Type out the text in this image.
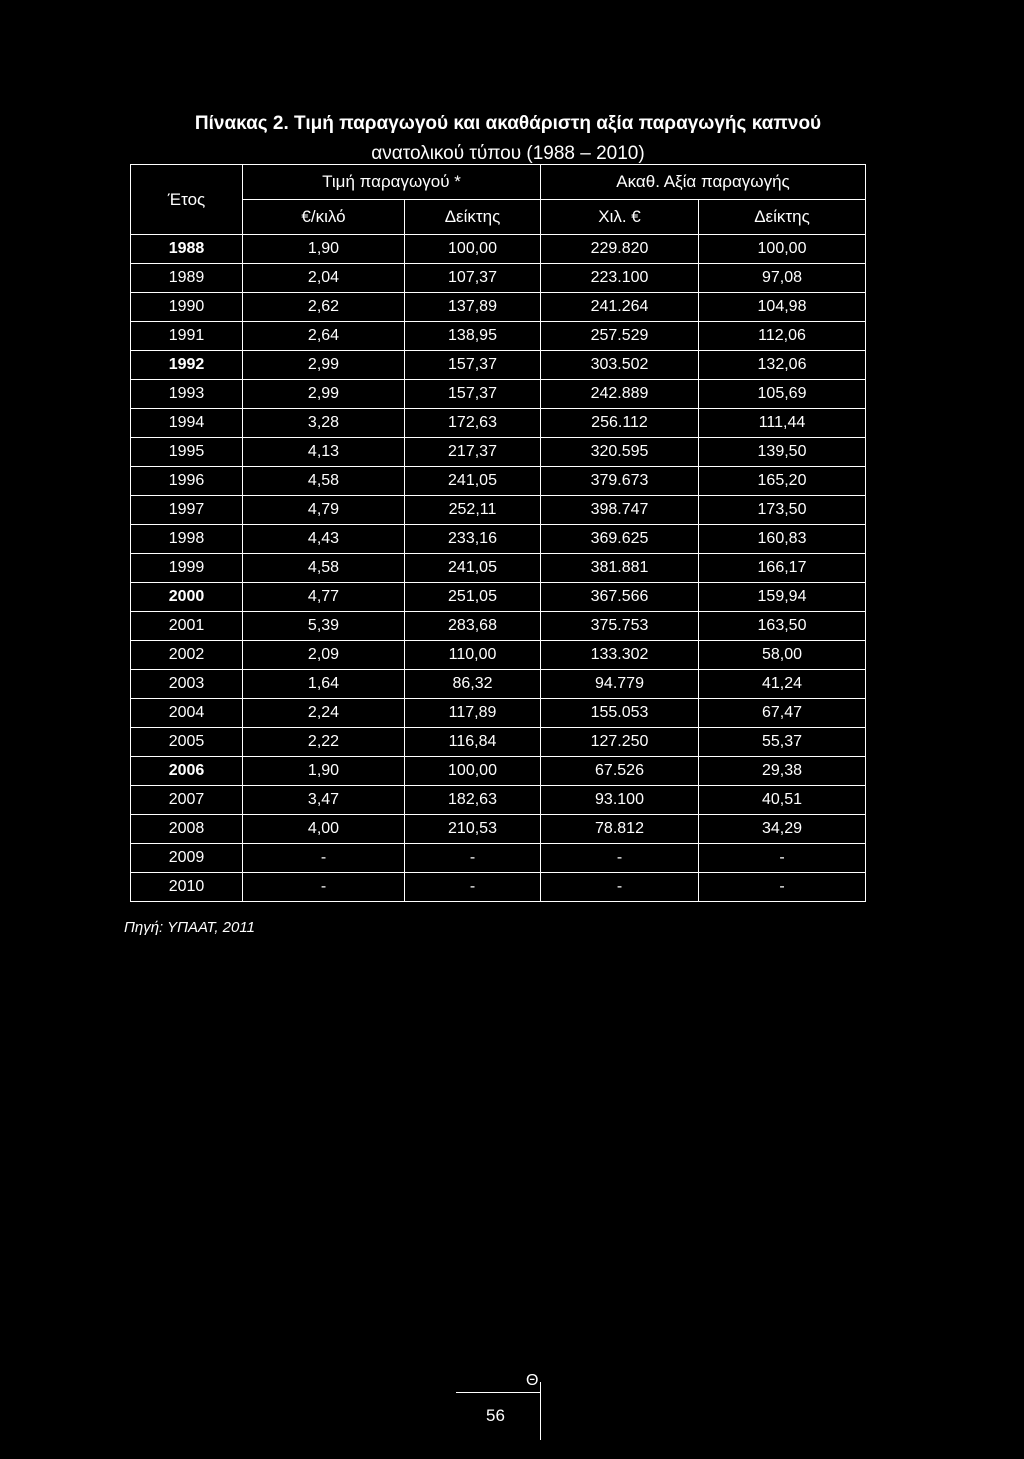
Πίνακας 2. Τιμή παραγωγού και ακαθάριστη αξία παραγωγής καπνού
ανατολικού τύπου (1988 – 2010)
Έτος	Τιμή παραγωγού *		Ακαθ. Αξία παραγωγής	
	€/κιλό	Δείκτης	Χιλ. €	Δείκτης
1988	1,90	100,00	229.820	100,00
1989	2,04	107,37	223.100	97,08
1990	2,62	137,89	241.264	104,98
1991	2,64	138,95	257.529	112,06
1992	2,99	157,37	303.502	132,06
1993	2,99	157,37	242.889	105,69
1994	3,28	172,63	256.112	111,44
1995	4,13	217,37	320.595	139,50
1996	4,58	241,05	379.673	165,20
1997	4,79	252,11	398.747	173,50
1998	4,43	233,16	369.625	160,83
1999	4,58	241,05	381.881	166,17
2000	4,77	251,05	367.566	159,94
2001	5,39	283,68	375.753	163,50
2002	2,09	110,00	133.302	58,00
2003	1,64	86,32	94.779	41,24
2004	2,24	117,89	155.053	67,47
2005	2,22	116,84	127.250	55,37
2006	1,90	100,00	67.526	29,38
2007	3,47	182,63	93.100	40,51
2008	4,00	210,53	78.812	34,29
2009	-	-	-	-
2010	-	-	-	-
Πηγή: ΥΠΑΑΤ, 2011
Θ
56
